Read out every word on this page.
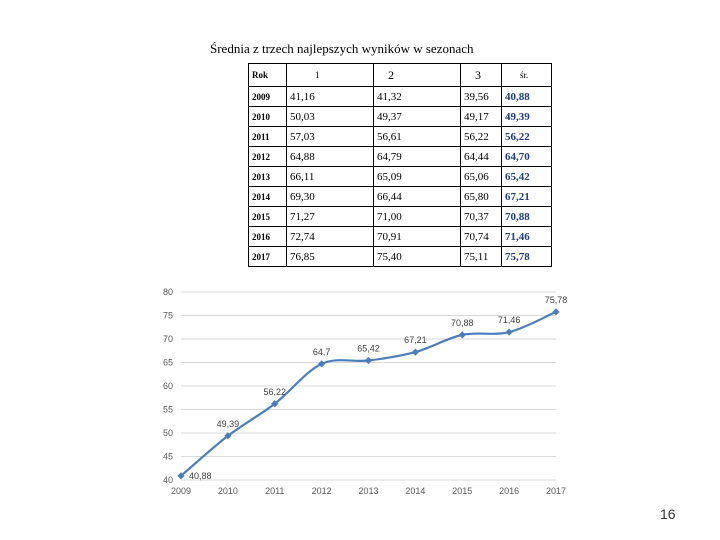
Średnia z trzech najlepszych wyników w sezonach
Rok	1	2	3	śr.
2009	41,16	41,32	39,56	40,88
2010	50,03	49,37	49,17	49,39
2011	57,03	56,61	56,22	56,22
2012	64,88	64,79	64,44	64,70
2013	66,11	65,09	65,06	65,42
2014	69,30	66,44	65,80	67,21
2015	71,27	71,00	70,37	70,88
2016	72,74	70,91	70,74	71,46
2017	76,85	75,40	75,11	75,78
40
45
50
55
60
65
70
75
80
2009	2010	2011	2012	2013	2014	2015	2016	2017
40,88
49,39
56,22
64,7	65,42
67,21
70,88	71,46
75,78
16
